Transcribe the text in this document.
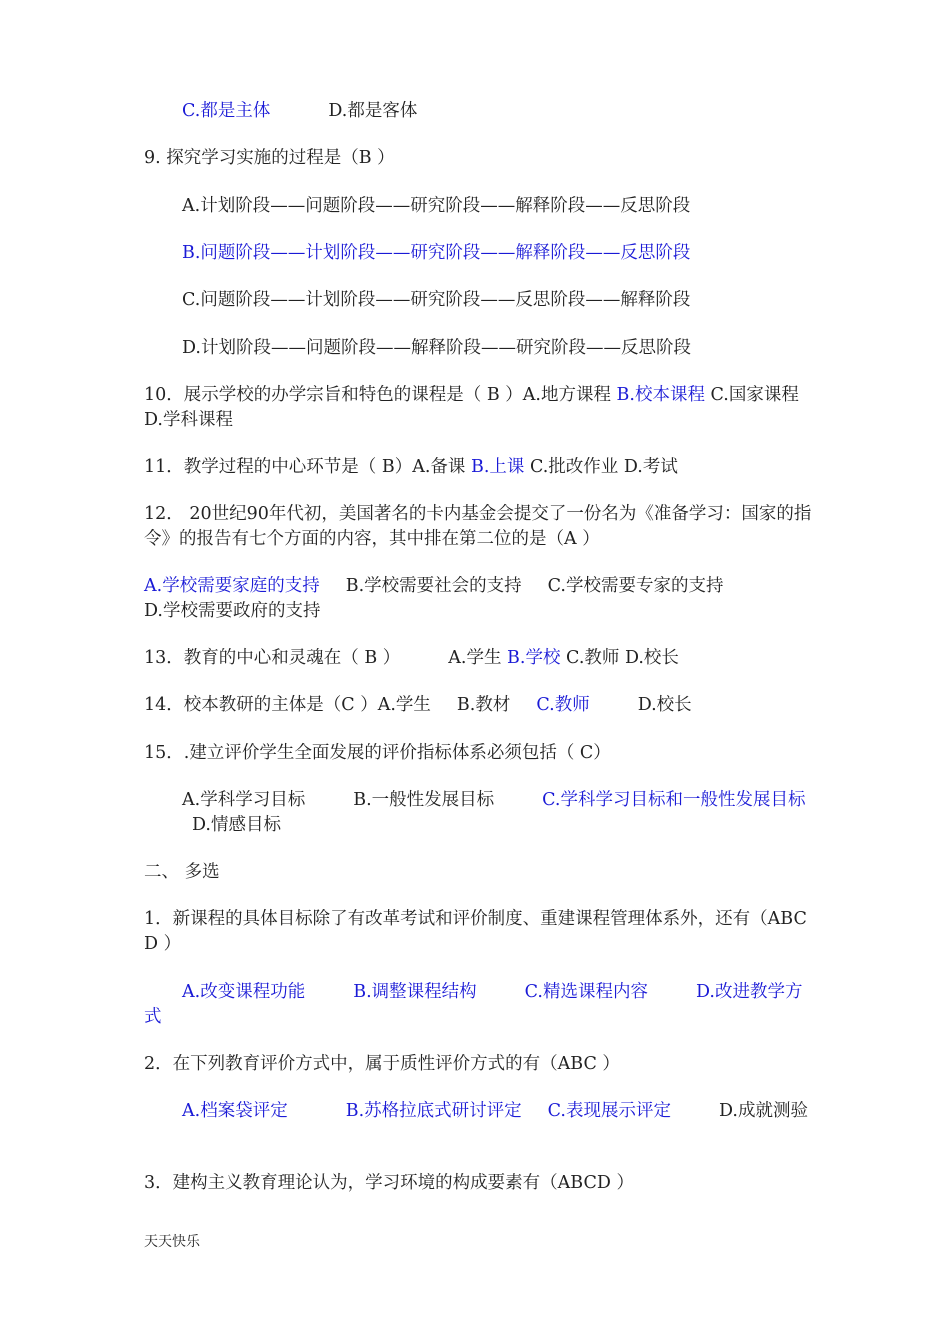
C.都是主体	D.都是客体
9. 探究学习实施的过程是（B ）
A.计划阶段——问题阶段——研究阶段——解释阶段——反思阶段
B.问题阶段——计划阶段——研究阶段——解释阶段——反思阶段
C.问题阶段——计划阶段——研究阶段——反思阶段——解释阶段
D.计划阶段——问题阶段——解释阶段——研究阶段——反思阶段
10．展示学校的办学宗旨和特色的课程是（ B ）A.地方课程 B.校本课程 C.国家课程 D.学科课程
11．教学过程的中心环节是（ B）A.备课 B.上课 C.批改作业 D.考试
12． 20世纪90年代初，美国著名的卡内基金会提交了一份名为《准备学习：国家的指令》的报告有七个方面的内容，其中排在第二位的是（A ）
A.学校需要家庭的支持 B.学校需要社会的支持 C.学校需要专家的支持
D.学校需要政府的支持
13．教育的中心和灵魂在（ B ）	A.学生 B.学校 C.教师 D.校长
14．校本教研的主体是（C ）A.学生 B.教材 C.教师	D.校长
15．.建立评价学生全面发展的评价指标体系必须包括（ C）
A.学科学习目标	B.一般性发展目标	C.学科学习目标和一般性发展目标D.情感目标
二、 多选
1．新课程的具体目标除了有改革考试和评价制度、重建课程管理体系外，还有（ABCD ）
A.改变课程功能	B.调整课程结构	C.精选课程内容	D.改进教学方式
2．在下列教育评价方式中，属于质性评价方式的有（ABC ）
A.档案袋评定	B.苏格拉底式研讨评定 C.表现展示评定	D.成就测验
3．建构主义教育理论认为，学习环境的构成要素有（ABCD ）
天天快乐
